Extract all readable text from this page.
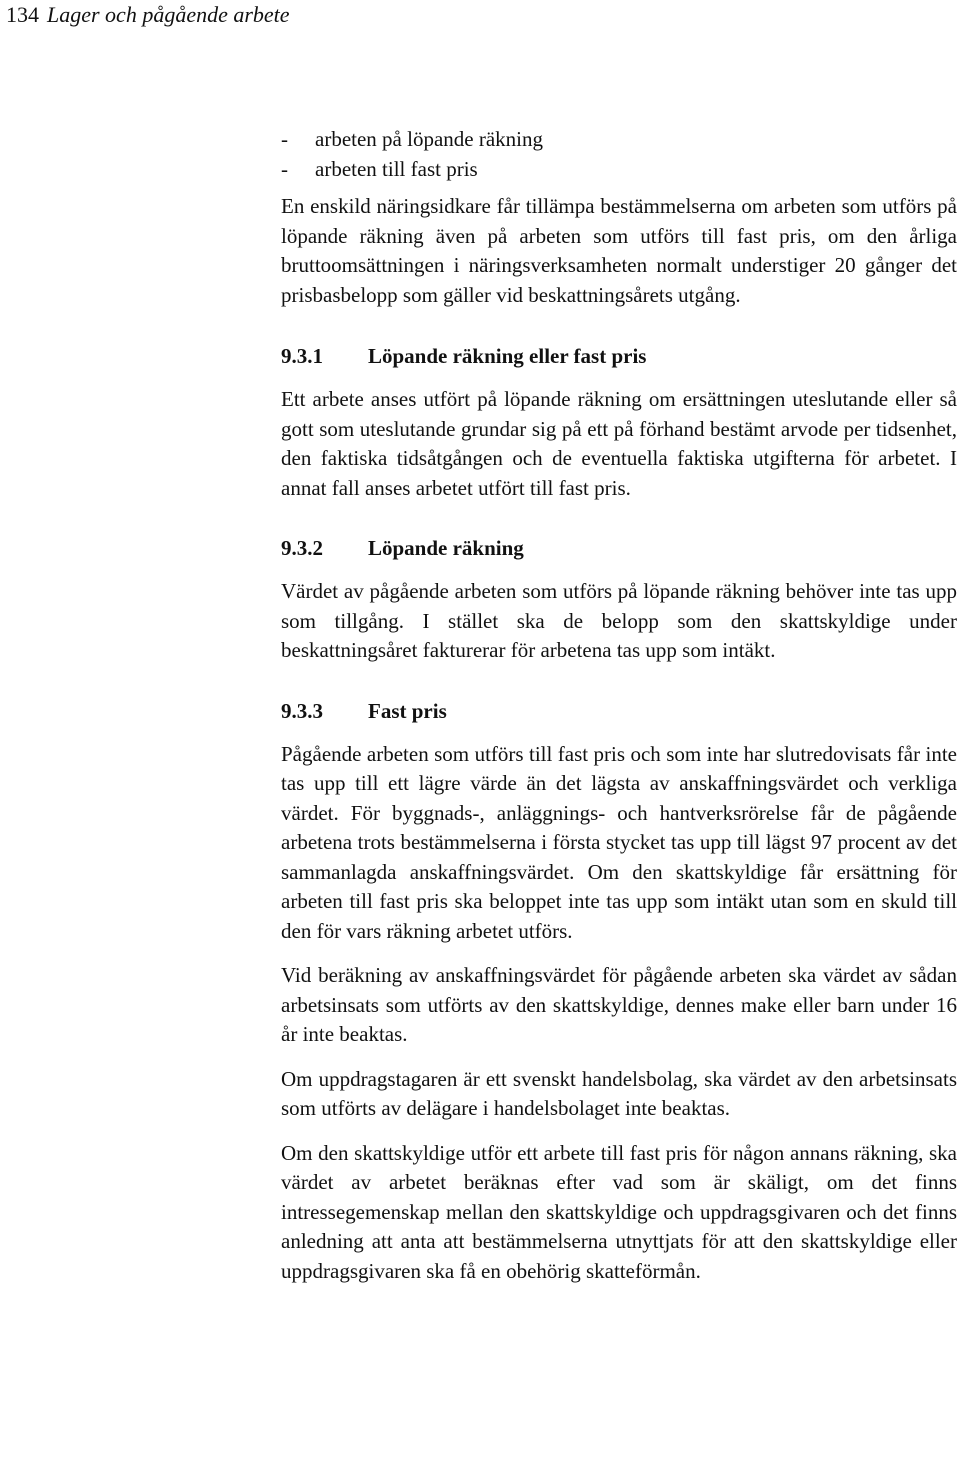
134 Lager och pågående arbete
- arbeten på löpande räkning
- arbeten till fast pris

En enskild näringsidkare får tillämpa bestämmelserna om arbeten som utförs på löpande räkning även på arbeten som utförs till fast pris, om den årliga bruttoomsättningen i näringsverksamheten normalt understiger 20 gånger det prisbasbelopp som gäller vid beskattningsårets utgång.

9.3.1 Löpande räkning eller fast pris

Ett arbete anses utfört på löpande räkning om ersättningen uteslutande eller så gott som uteslutande grundar sig på ett på förhand bestämt arvode per tidsenhet, den faktiska tidsåtgången och de eventuella faktiska utgifterna för arbetet. I annat fall anses arbetet utfört till fast pris.

9.3.2 Löpande räkning

Värdet av pågående arbeten som utförs på löpande räkning behöver inte tas upp som tillgång. I stället ska de belopp som den skattskyldige under beskattningsåret fakturerar för arbetena tas upp som intäkt.

9.3.3 Fast pris

Pågående arbeten som utförs till fast pris och som inte har slutredovisats får inte tas upp till ett lägre värde än det lägsta av anskaffningsvärdet och verkliga värdet. För byggnads-, anläggnings- och hantverksrörelse får de pågående arbetena trots bestämmelserna i första stycket tas upp till lägst 97 procent av det sammanlagda anskaffningsvärdet. Om den skattskyldige får ersättning för arbeten till fast pris ska beloppet inte tas upp som intäkt utan som en skuld till den för vars räkning arbetet utförs.

Vid beräkning av anskaffningsvärdet för pågående arbeten ska värdet av sådan arbetsinsats som utförts av den skattskyldige, dennes make eller barn under 16 år inte beaktas.

Om uppdragstagaren är ett svenskt handelsbolag, ska värdet av den arbetsinsats som utförts av delägare i handelsbolaget inte beaktas.

Om den skattskyldige utför ett arbete till fast pris för någon annans räkning, ska värdet av arbetet beräknas efter vad som är skäligt, om det finns intressegemenskap mellan den skattskyldige och uppdragsgivaren och det finns anledning att anta att bestämmelserna utnyttjats för att den skattskyldige eller uppdragsgivaren ska få en obehörig skatteförmån.
